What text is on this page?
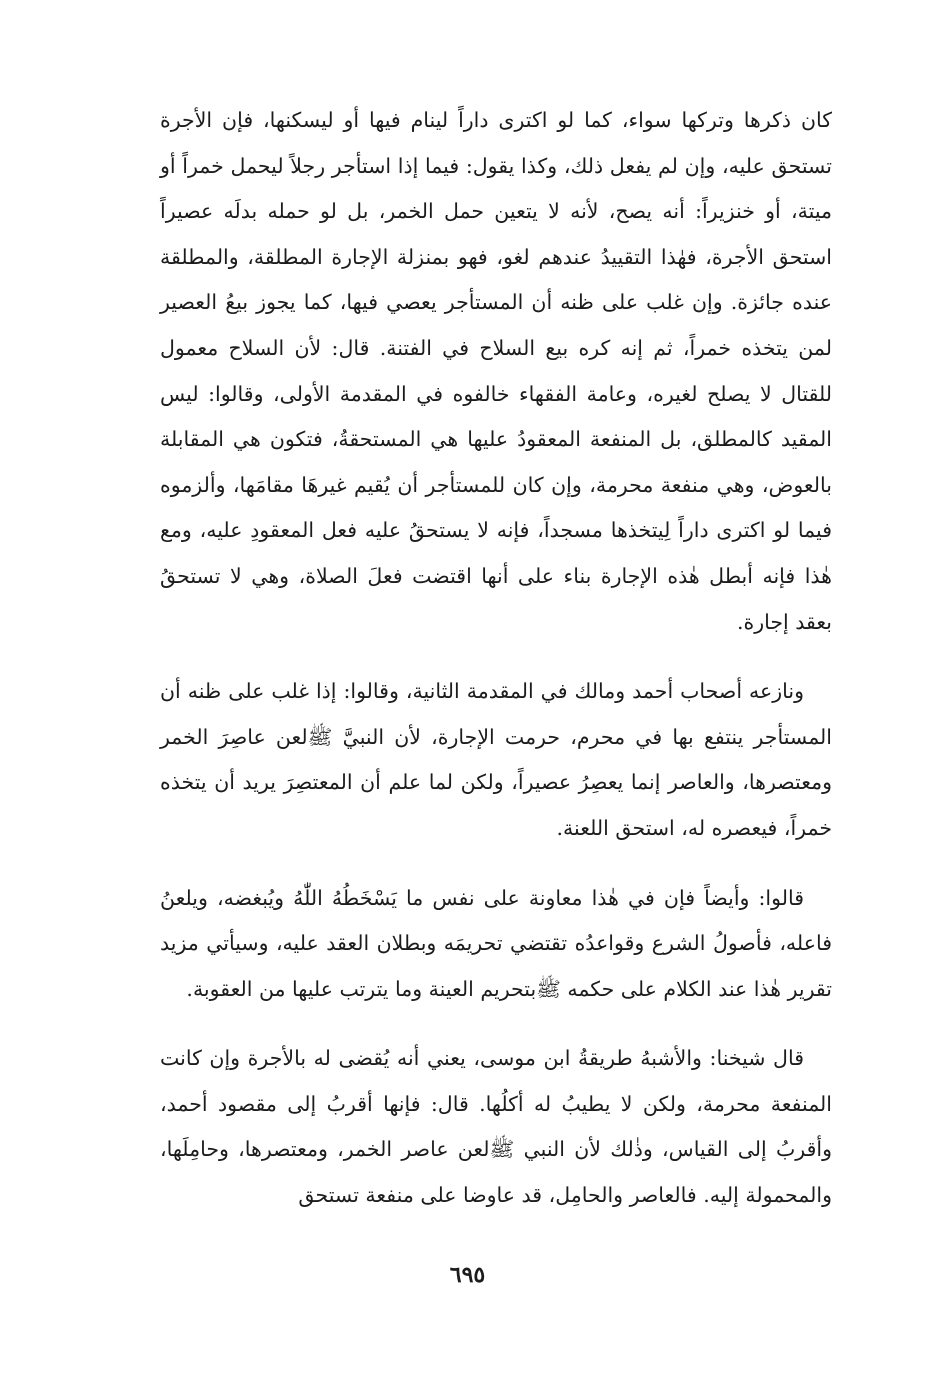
كان ذكرها وتركها سواء، كما لو اكترى داراً لينام فيها أو ليسكنها، فإن الأجرة تستحق عليه، وإن لم يفعل ذلك، وكذا يقول: فيما إذا استأجر رجلاً ليحمل خمراً أو ميتة، أو خنزيراً: أنه يصح، لأنه لا يتعين حمل الخمر، بل لو حمله بدلَه عصيراً استحق الأجرة، فهٰذا التقييدُ عندهم لغو، فهو بمنزلة الإجارة المطلقة، والمطلقة عنده جائزة. وإن غلب على ظنه أن المستأجر يعصي فيها، كما يجوز بيعُ العصير لمن يتخذه خمراً، ثم إنه كره بيع السلاح في الفتنة. قال: لأن السلاح معمول للقتال لا يصلح لغيره، وعامة الفقهاء خالفوه في المقدمة الأولى، وقالوا: ليس المقيد كالمطلق، بل المنفعة المعقودُ عليها هي المستحقةُ، فتكون هي المقابلة بالعوض، وهي منفعة محرمة، وإن كان للمستأجر أن يُقيم غيرهَا مقامَها، وألزموه فيما لو اكترى داراً لِيتخذها مسجداً، فإنه لا يستحقُ عليه فعل المعقودِ عليه، ومع هٰذا فإنه أبطل هٰذه الإجارة بناء على أنها اقتضت فعلَ الصلاة، وهي لا تستحقُ بعقد إجارة.

ونازعه أصحاب أحمد ومالك في المقدمة الثانية، وقالوا: إذا غلب على ظنه أن المستأجر ينتفع بها في محرم، حرمت الإجارة، لأن النبيَّ ﷺلعن عاصِرَ الخمر ومعتصرها، والعاصر إنما يعصِرُ عصيراً، ولكن لما علم أن المعتصِرَ يريد أن يتخذه خمراً، فيعصره له، استحق اللعنة.

قالوا: وأيضاً فإن في هٰذا معاونة على نفس ما يَسْخَطُهُ اللّٰهُ ويُبغضه، ويلعنُ فاعله، فأصولُ الشرع وقواعدُه تقتضي تحريمَه وبطلان العقد عليه، وسيأتي مزيد تقرير هٰذا عند الكلام على حكمه ﷺبتحريم العينة وما يترتب عليها من العقوبة.

قال شيخنا: والأشبهُ طريقةُ ابن موسى، يعني أنه يُقضى له بالأجرة وإن كانت المنفعة محرمة، ولكن لا يطيبُ له أكلُها. قال: فإنها أقربُ إلى مقصود أحمد، وأقربُ إلى القياس، وذٰلك لأن النبي ﷺلعن عاصر الخمر، ومعتصرها، وحامِلَها، والمحمولة إليه. فالعاصر والحامِل، قد عاوضا على منفعة تستحق

٦٩٥
